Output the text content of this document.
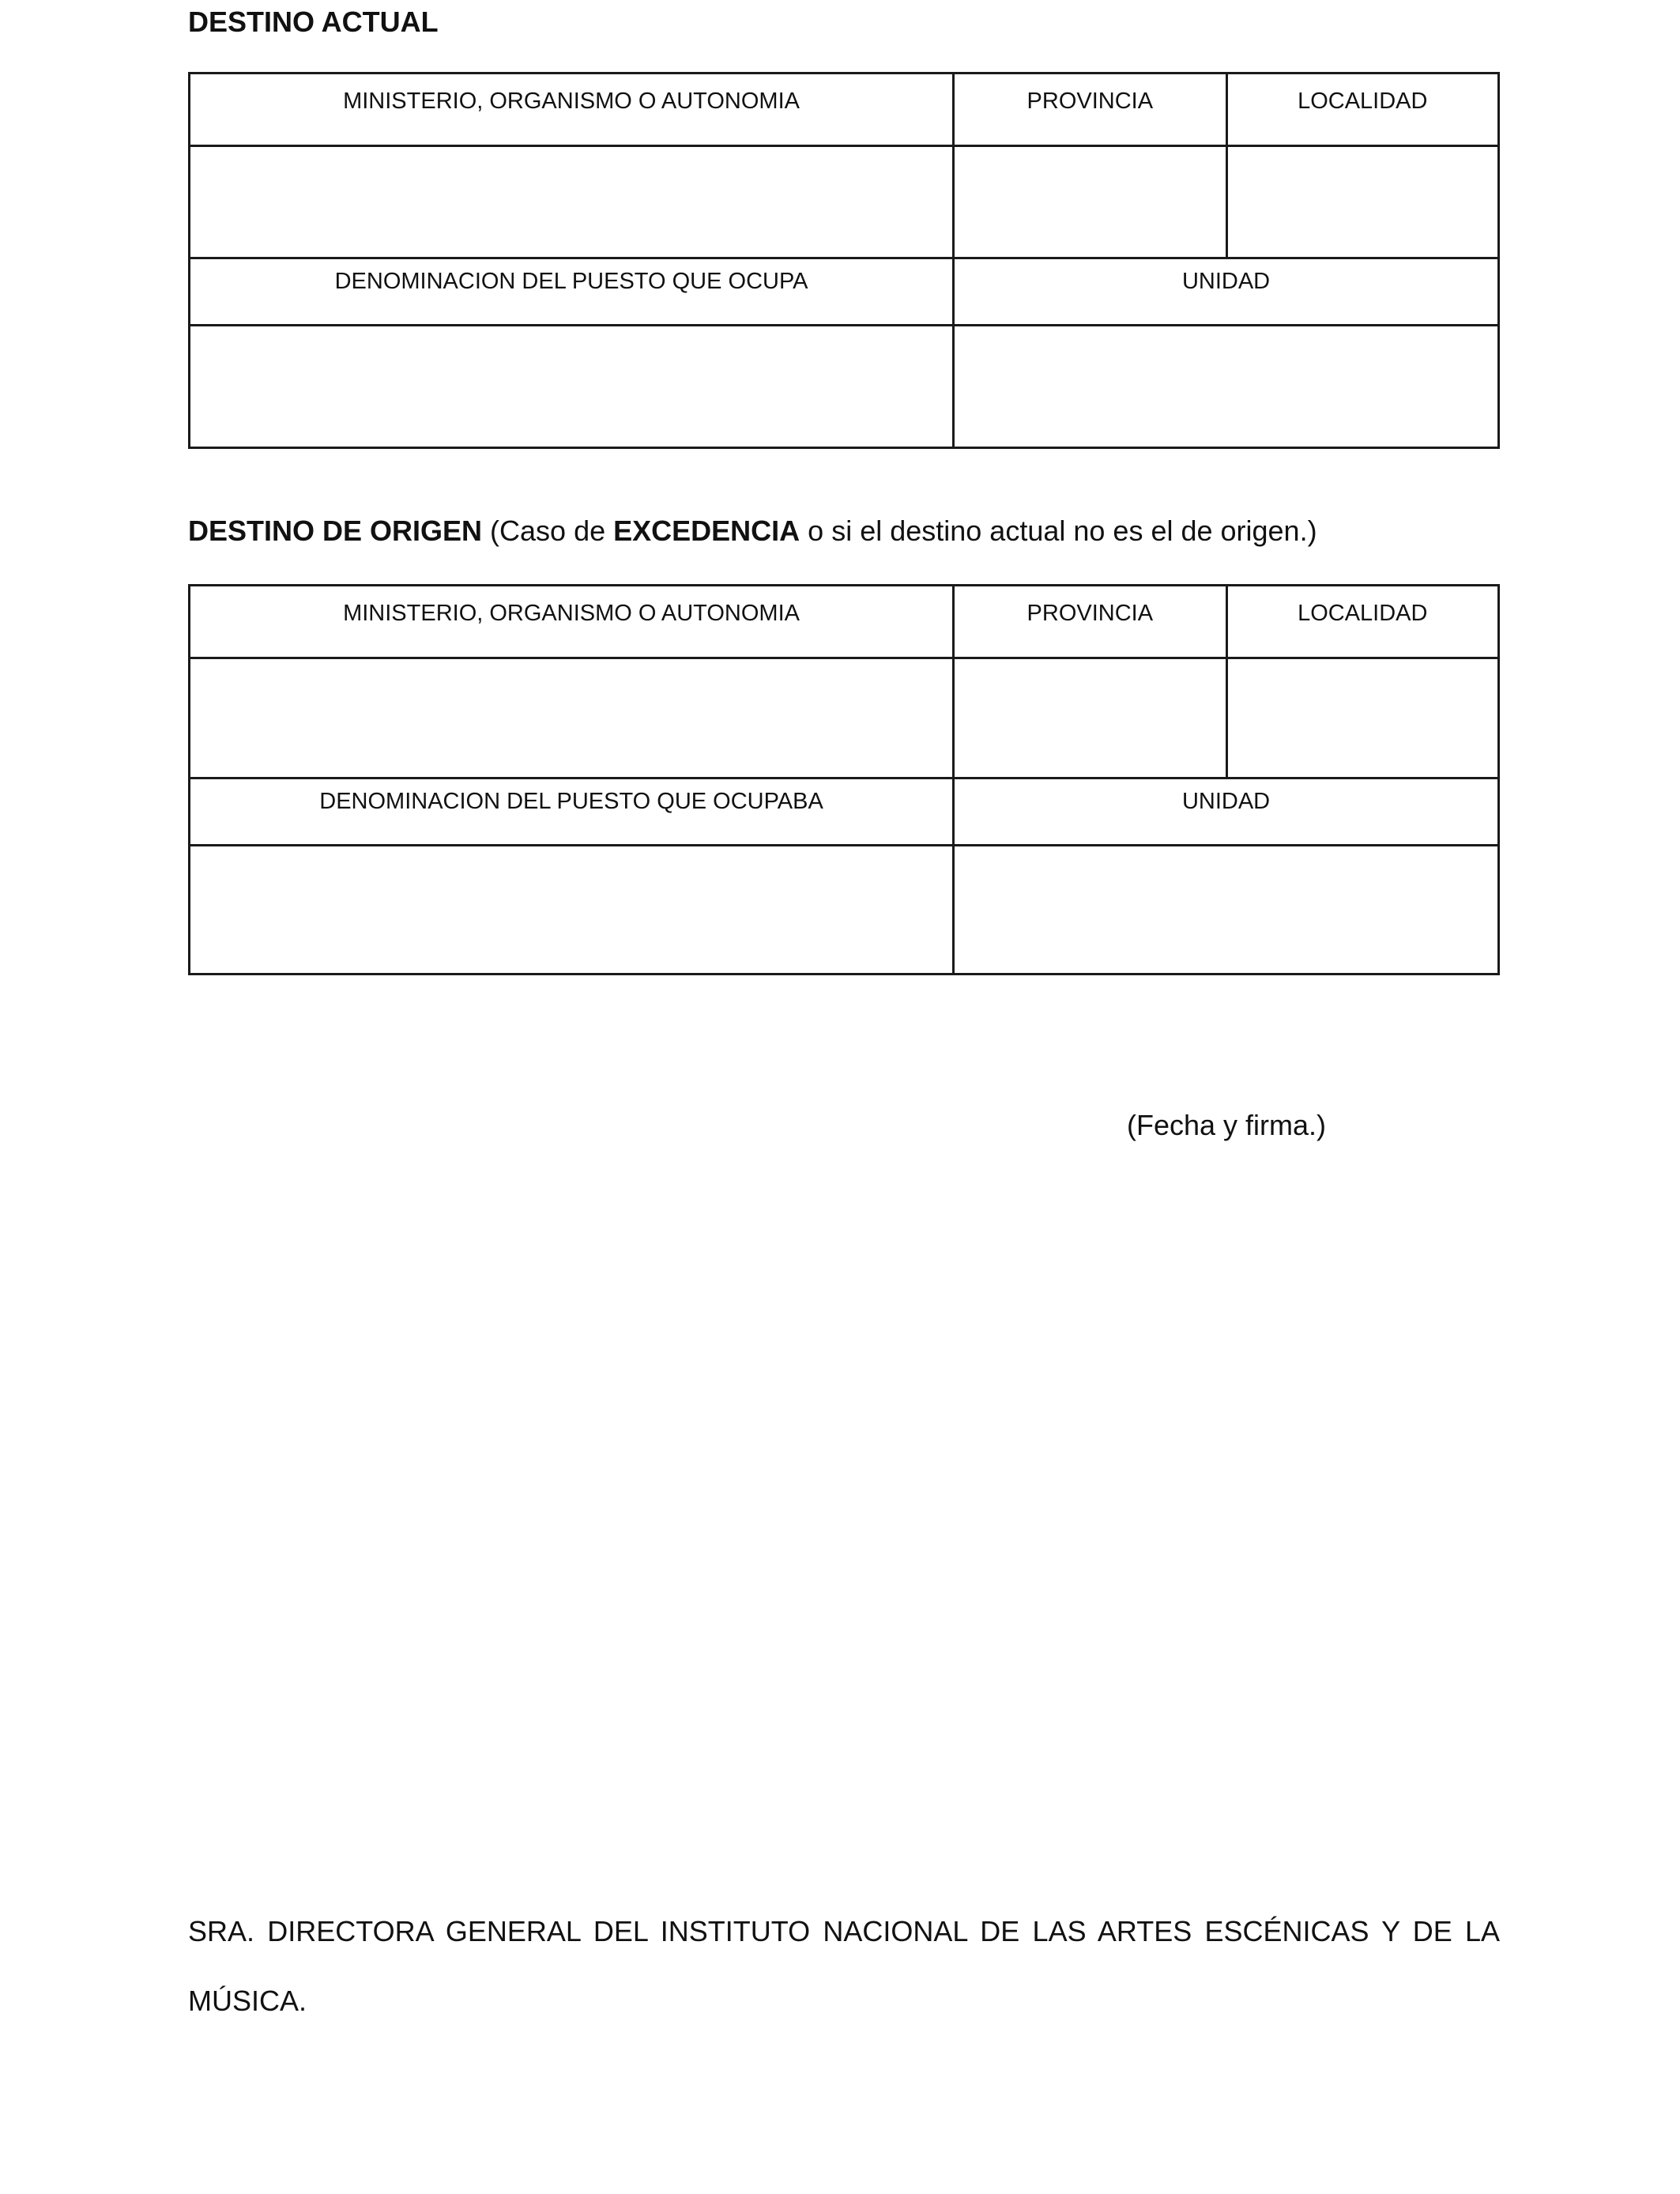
DESTINO ACTUAL
MINISTERIO, ORGANISMO O AUTONOMIA	PROVINCIA	LOCALIDAD

DENOMINACION DEL PUESTO QUE OCUPA	UNIDAD	

DESTINO DE ORIGEN (Caso de EXCEDENCIA o si el destino actual no es el de origen.)
MINISTERIO, ORGANISMO O AUTONOMIA	PROVINCIA	LOCALIDAD

DENOMINACION DEL PUESTO QUE OCUPABA	UNIDAD	

(Fecha y firma.)
SRA. DIRECTORA GENERAL DEL INSTITUTO NACIONAL DE LAS ARTES ESCÉNICAS Y DE LA MÚSICA.
